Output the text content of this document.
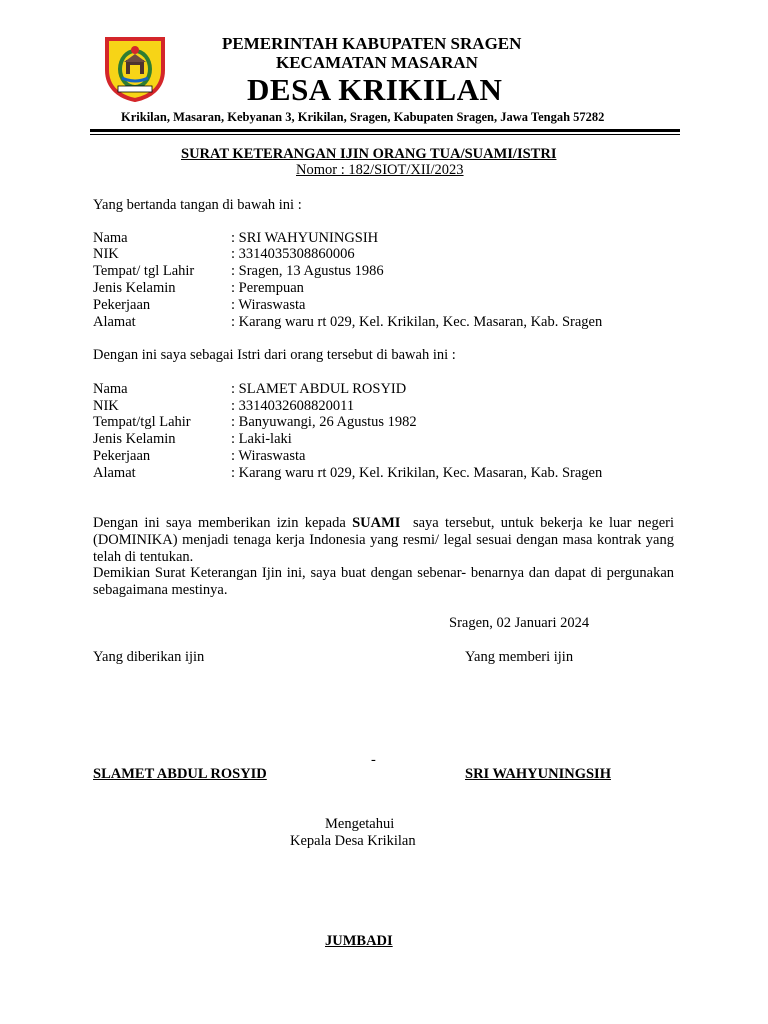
PEMERINTAH KABUPATEN SRAGEN
KECAMATAN MASARAN
DESA KRIKILAN
Krikilan, Masaran, Kebyanan 3, Krikilan, Sragen, Kabupaten Sragen, Jawa Tengah 57282
SURAT KETERANGAN IJIN ORANG TUA/SUAMI/ISTRI
Nomor : 182/SIOT/XII/2023
Yang bertanda tangan di bawah ini :
Nama	: SRI WAHYUNINGSIH
NIK	: 3314035308860006
Tempat/ tgl Lahir	: Sragen, 13 Agustus 1986
Jenis Kelamin	: Perempuan
Pekerjaan	: Wiraswasta
Alamat	: Karang waru rt 029, Kel. Krikilan, Kec. Masaran, Kab. Sragen
Dengan ini saya sebagai Istri dari orang tersebut di bawah ini :
Nama	: SLAMET ABDUL ROSYID
NIK	: 3314032608820011
Tempat/tgl Lahir	: Banyuwangi, 26 Agustus 1982
Jenis Kelamin	: Laki-laki
Pekerjaan	: Wiraswasta
Alamat	: Karang waru rt 029, Kel. Krikilan, Kec. Masaran, Kab. Sragen
Dengan ini saya memberikan izin kepada SUAMI  saya tersebut, untuk bekerja ke luar negeri (DOMINIKA) menjadi tenaga kerja Indonesia yang resmi/ legal sesuai dengan masa kontrak yang telah di tentukan.
Demikian Surat Keterangan Ijin ini, saya buat dengan sebenar- benarnya dan dapat di pergunakan sebagaimana mestinya.
Sragen, 02 Januari 2024
Yang diberikan ijin	Yang memberi ijin
-
SLAMET ABDUL ROSYID	SRI WAHYUNINGSIH
Mengetahui
Kepala Desa Krikilan
JUMBADI
